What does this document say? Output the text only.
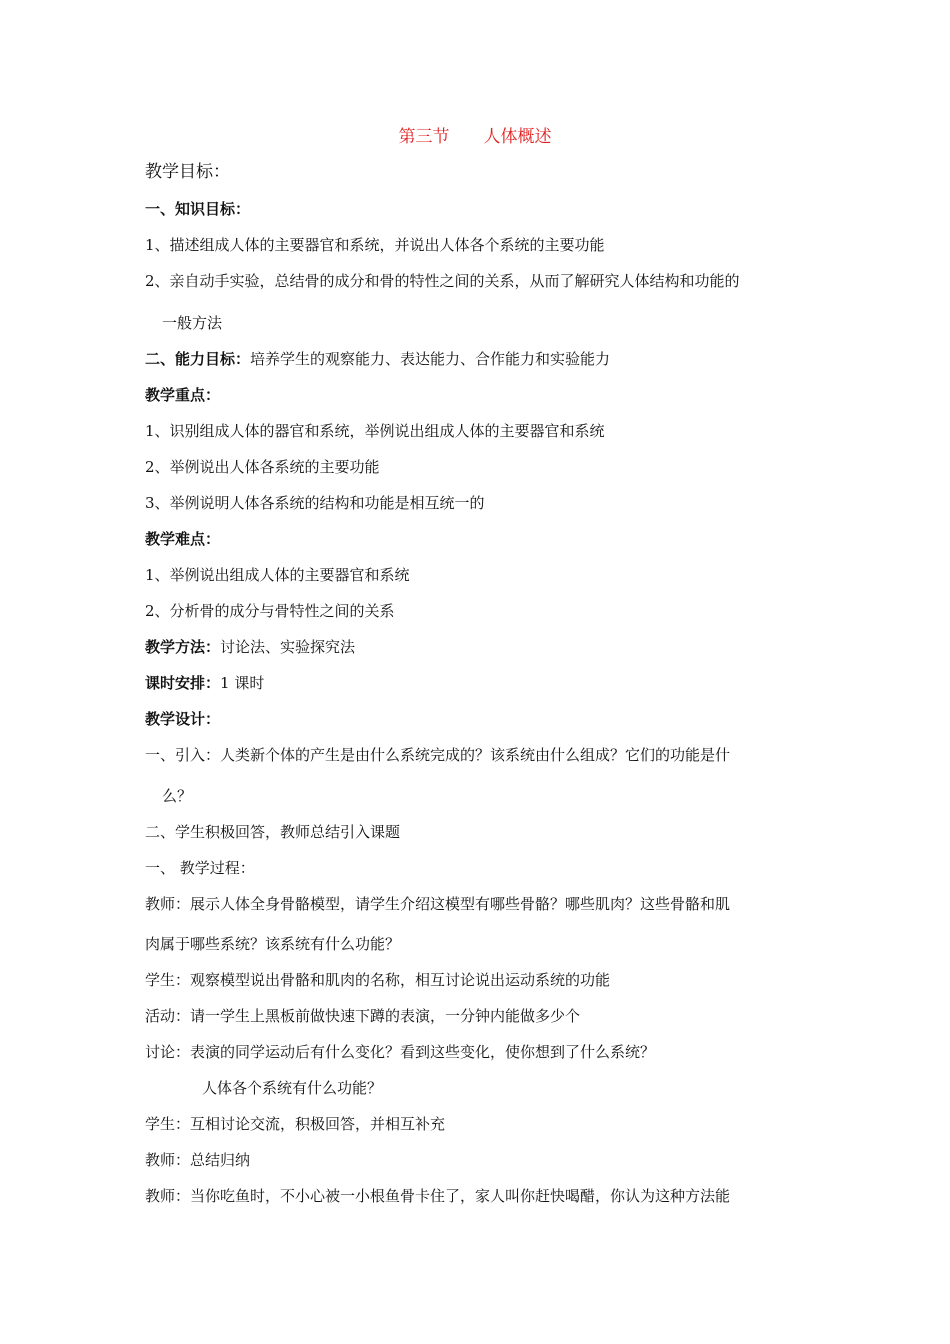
第三节 人体概述
教学目标：
一、知识目标：
1、描述组成人体的主要器官和系统，并说出人体各个系统的主要功能
2、亲自动手实验，总结骨的成分和骨的特性之间的关系，从而了解研究人体结构和功能的
一般方法
二、能力目标：培养学生的观察能力、表达能力、合作能力和实验能力
教学重点：
1、识别组成人体的器官和系统，举例说出组成人体的主要器官和系统
2、举例说出人体各系统的主要功能
3、举例说明人体各系统的结构和功能是相互统一的
教学难点：
1、举例说出组成人体的主要器官和系统
2、分析骨的成分与骨特性之间的关系
教学方法：讨论法、实验探究法
课时安排：1 课时
教学设计：
一、引入：人类新个体的产生是由什么系统完成的？该系统由什么组成？它们的功能是什
么？
二、学生积极回答，教师总结引入课题
一、 教学过程：
教师：展示人体全身骨骼模型，请学生介绍这模型有哪些骨骼？哪些肌肉？这些骨骼和肌
肉属于哪些系统？该系统有什么功能？
学生：观察模型说出骨骼和肌肉的名称，相互讨论说出运动系统的功能
活动：请一学生上黑板前做快速下蹲的表演，一分钟内能做多少个
讨论：表演的同学运动后有什么变化？看到这些变化，使你想到了什么系统？
人体各个系统有什么功能？
学生：互相讨论交流，积极回答，并相互补充
教师：总结归纳
教师：当你吃鱼时，不小心被一小根鱼骨卡住了，家人叫你赶快喝醋，你认为这种方法能
